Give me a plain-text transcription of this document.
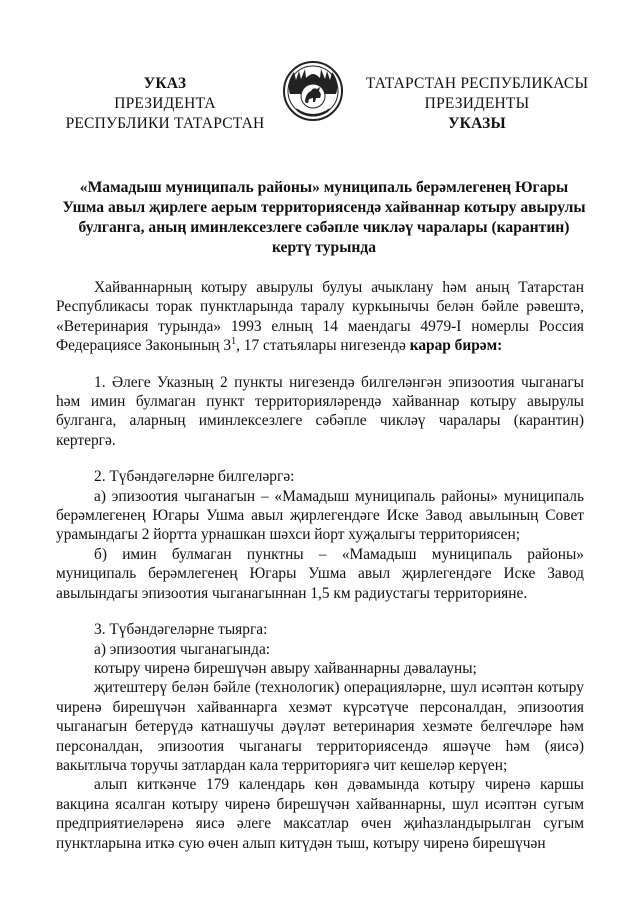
УКАЗ
ПРЕЗИДЕНТА
РЕСПУБЛИКИ ТАТАРСТАН
ТАТАРСТАН РЕСПУБЛИКАСЫ
ПРЕЗИДЕНТЫ
УКАЗЫ
«Мамадыш муниципаль районы» муниципаль берәмлегенең Югары Ушма авыл җирлеге аерым территориясендә хайваннар котыру авырулы булганга, аның иминлексезлеге сәбәпле чикләү чаралары (карантин) кертү турында

Хайваннарның котыру авырулы булуы ачыклану һәм аның Татарстан Республикасы торак пунктларында таралу куркынычы белән бәйле рәвештә, «Ветеринария турында» 1993 елның 14 маендагы 4979-I номерлы Россия Федерациясе Законының $3^1$, 17 статьялары нигезендә карар бирәм:

1. Әлеге Указның 2 пункты нигезендә билгеләнгән эпизоотия чыганагы һәм имин булмаган пункт территорияләрендә хайваннар котыру авырулы булганга, аларның иминлексезлеге сәбәпле чикләү чаралары (карантин) кертергә.

2. Түбәндәгеләрне билгеләргә:

а) эпизоотия чыганагын – «Мамадыш муниципаль районы» муниципаль берәмлегенең Югары Ушма авыл җирлегендәге Иске Завод авылының Совет урамындагы 2 йортта урнашкан шәхси йорт хуҗалыгы территориясен;

б) имин булмаган пунктны – «Мамадыш муниципаль районы» муниципаль берәмлегенең Югары Ушма авыл җирлегендәге Иске Завод авылындагы эпизоотия чыганагыннан 1,5 км радиустагы территорияне.

3. Түбәндәгеләрне тыярга:

а) эпизоотия чыганагында:

котыру чиренә бирешүчән авыру хайваннарны дәвалауны;

җитештерү белән бәйле (технологик) операцияләрне, шул исәптән котыру чиренә бирешүчән хайваннарга хезмәт күрсәтүче персоналдан, эпизоотия чыганагын бетерүдә катнашучы дәүләт ветеринария хезмәте белгечләре һәм персоналдан, эпизоотия чыганагы территориясендә яшәүче һәм (яисә) вакытлыча торучы затлардан кала территориягә чит кешеләр керүен;

алып киткәнче 179 календарь көн дәвамында котыру чиренә каршы вакцина ясалган котыру чиренә бирешүчән хайваннарны, шул исәптән сугым предприятиеләренә яисә әлеге максатлар өчен җиһазландырылган сугым пунктларына иткә сую өчен алып китүдән тыш, котыру чиренә бирешүчән
